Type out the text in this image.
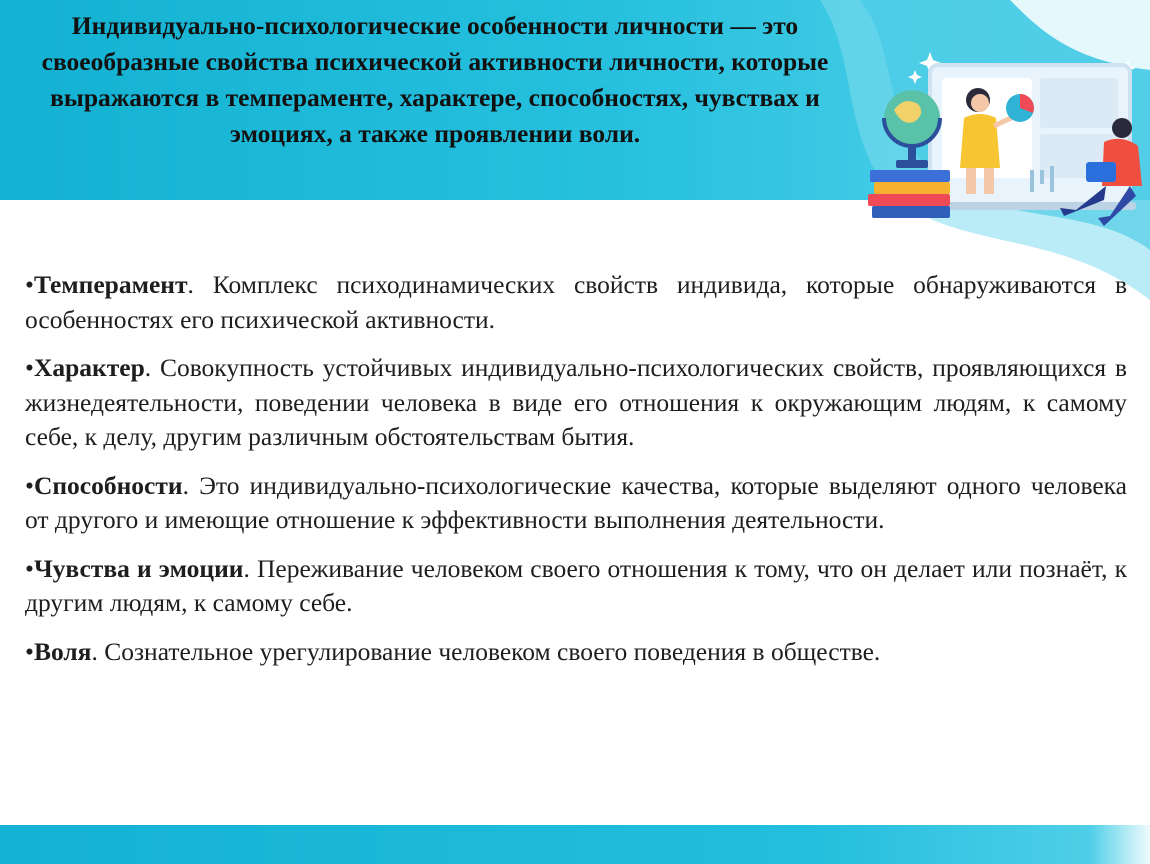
Индивидуально-психологические особенности личности — это своеобразные свойства психической активности личности, которые выражаются в темпераменте, характере, способностях, чувствах и эмоциях, а также проявлении воли.

•Темперамент. Комплекс психодинамических свойств индивида, которые обнаруживаются в особенностях его психической активности.

•Характер. Совокупность устойчивых индивидуально-психологических свойств, проявляющихся в жизнедеятельности, поведении человека в виде его отношения к окружающим людям, к самому себе, к делу, другим различным обстоятельствам бытия.

•Способности. Это индивидуально-психологические качества, которые выделяют одного человека от другого и имеющие отношение к эффективности выполнения деятельности.

•Чувства и эмоции. Переживание человеком своего отношения к тому, что он делает или познаёт, к другим людям, к самому себе.

•Воля. Сознательное урегулирование человеком своего поведения в обществе.
